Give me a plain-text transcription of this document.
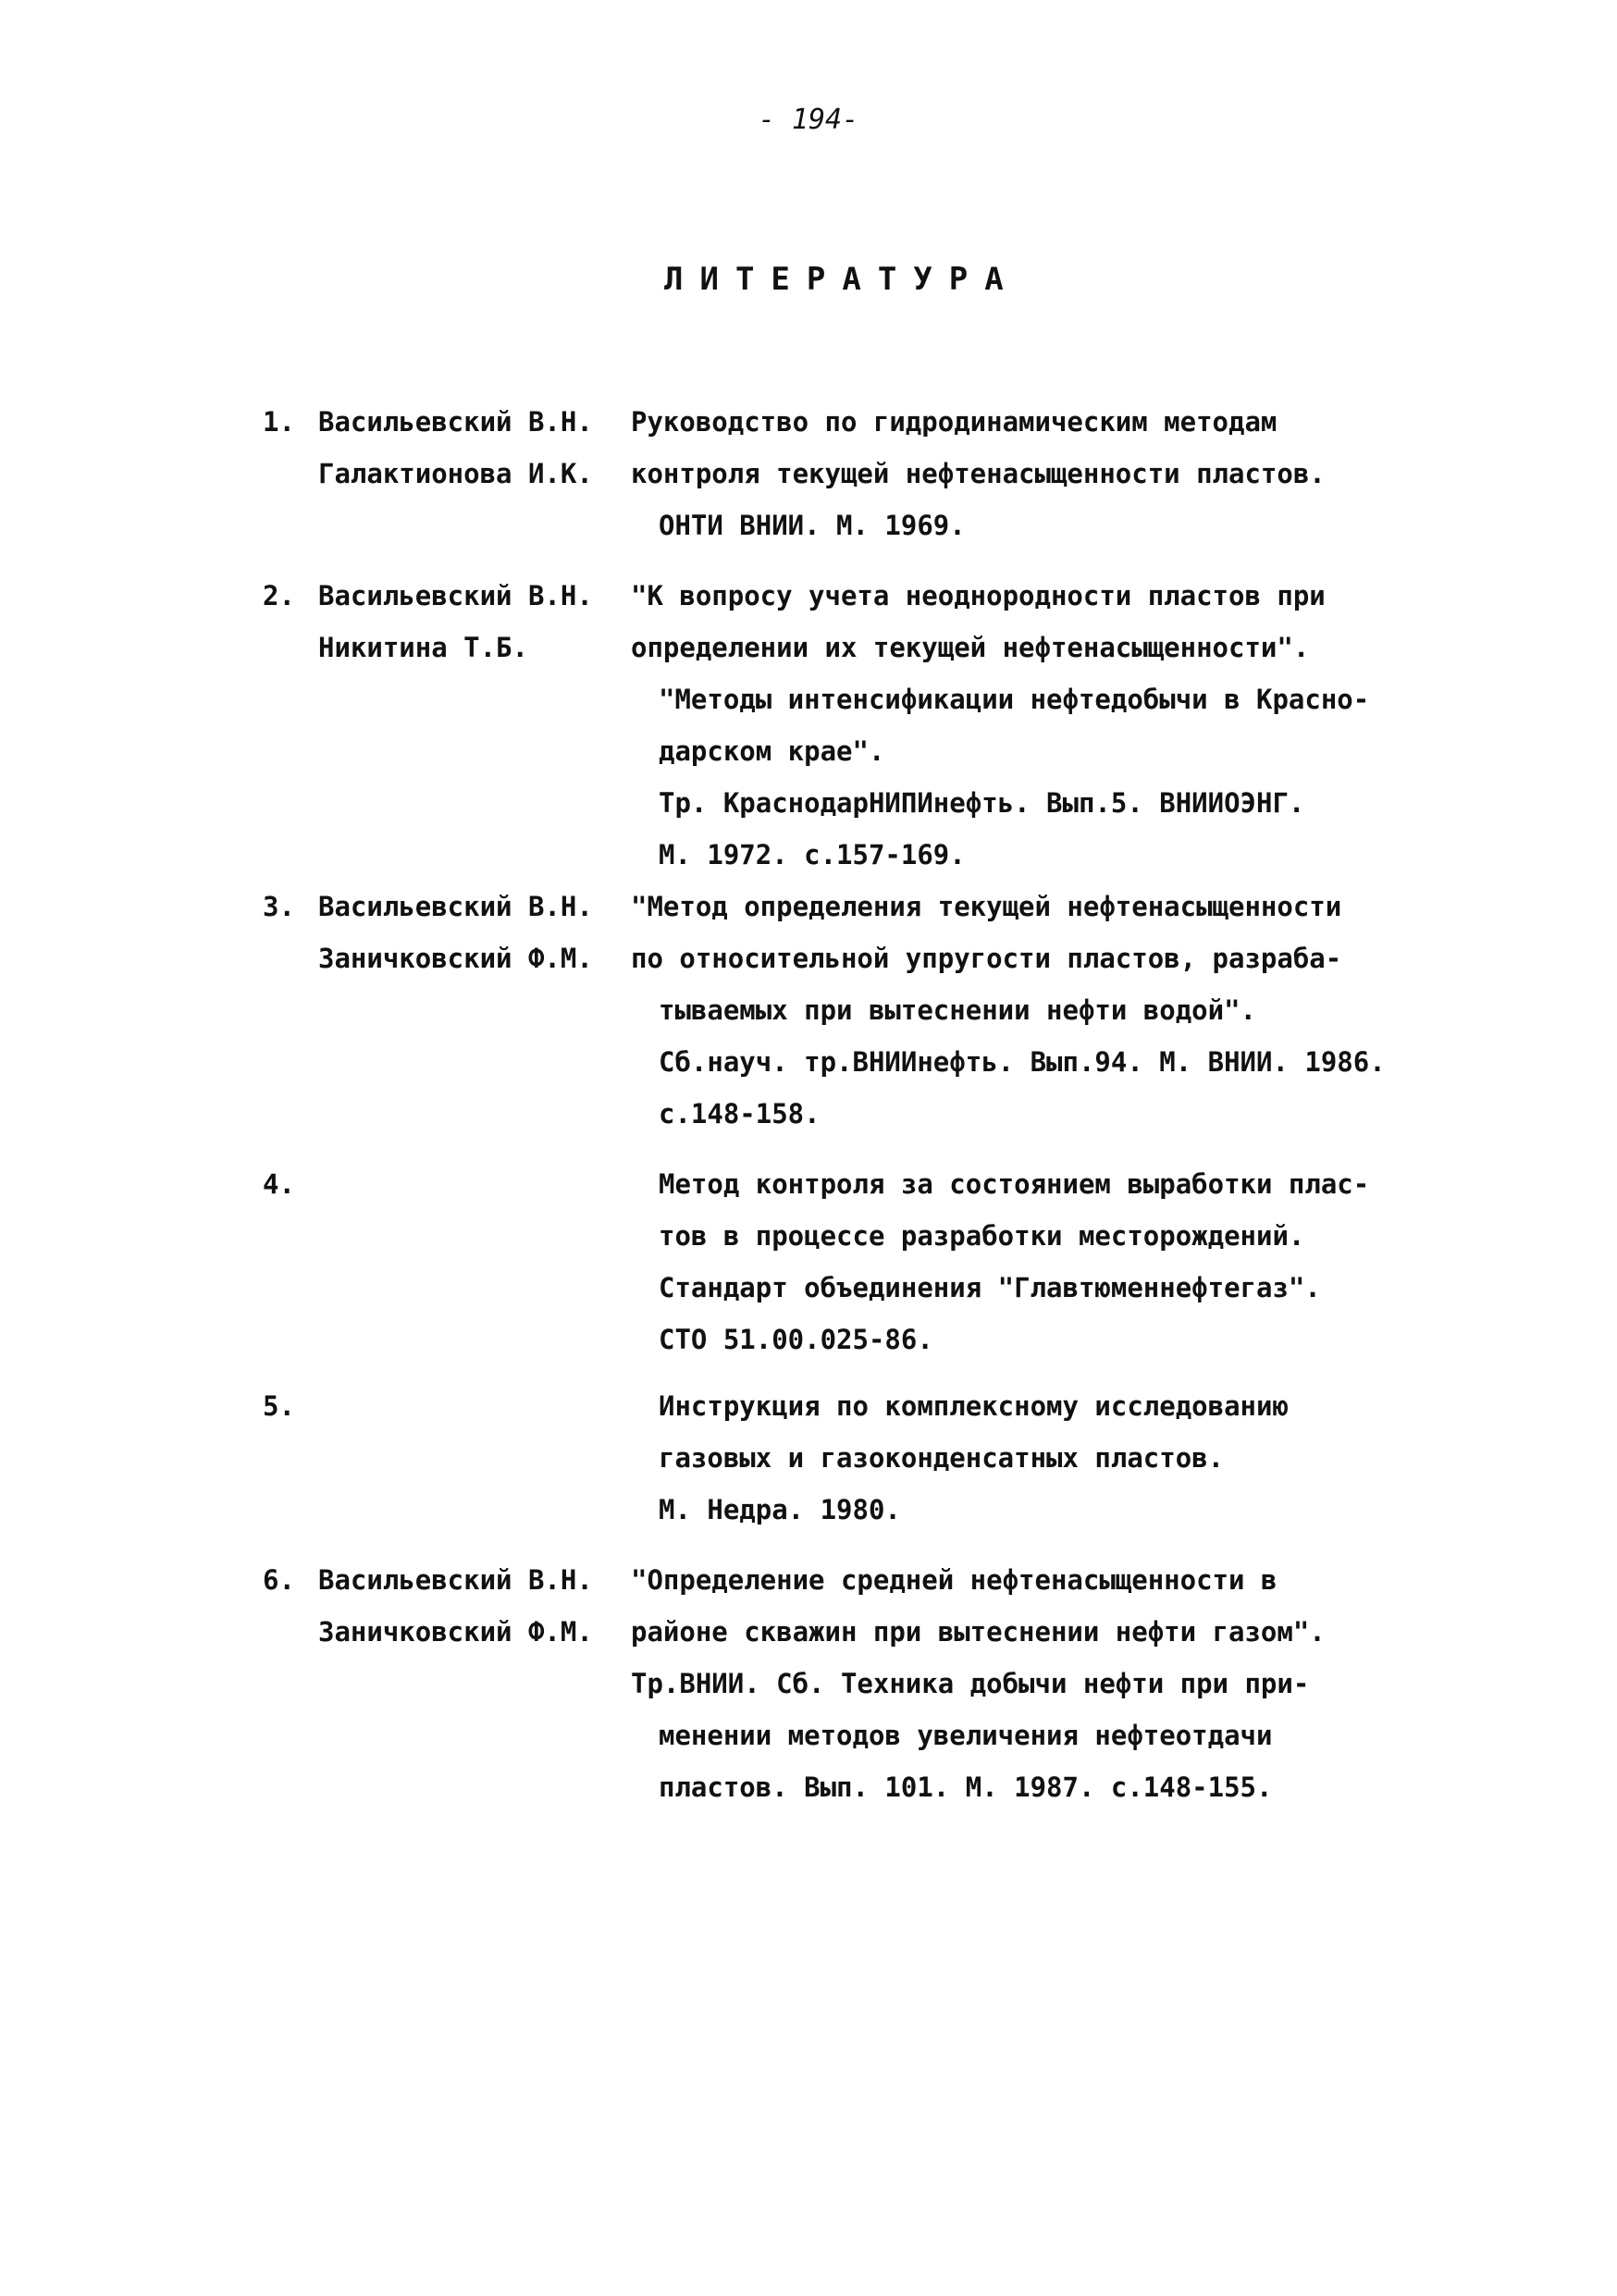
- 194-
ЛИТЕРАТУРА
1. Васильевский В.Н.
Галактионова И.К.
Руководство по гидродинамическим методам
контроля текущей нефтенасыщенности пластов.
ОНТИ ВНИИ. М. 1969.
2. Васильевский В.Н.
Никитина Т.Б.
"К вопросу учета неоднородности пластов при
определении их текущей нефтенасыщенности".
"Методы интенсификации нефтедобычи в Красно-
дарском крае".
Тр. КраснодарНИПИнефть. Вып.5. ВНИИОЭНГ.
М. 1972. с.157-169.
3. Васильевский В.Н.
Заничковский Ф.М.
"Метод определения текущей нефтенасыщенности
по относительной упругости пластов, разраба-
тываемых при вытеснении нефти водой".
Сб.науч. тр.ВНИИнефть. Вып.94. М. ВНИИ. 1986.
с.148-158.
4.	Метод контроля за состоянием выработки плас-
тов в процессе разработки месторождений.
Стандарт объединения "Главтюменнефтегаз".
СТО 51.00.025-86.
5.	Инструкция по комплексному исследованию
газовых и газоконденсатных пластов.
М. Недра. 1980.
6. Васильевский В.Н.
Заничковский Ф.М.
"Определение средней нефтенасыщенности в
районе скважин при вытеснении нефти газом".
Тр.ВНИИ. Сб. Техника добычи нефти при при-
менении методов увеличения нефтеотдачи
пластов. Вып. 101. М. 1987. с.148-155.
